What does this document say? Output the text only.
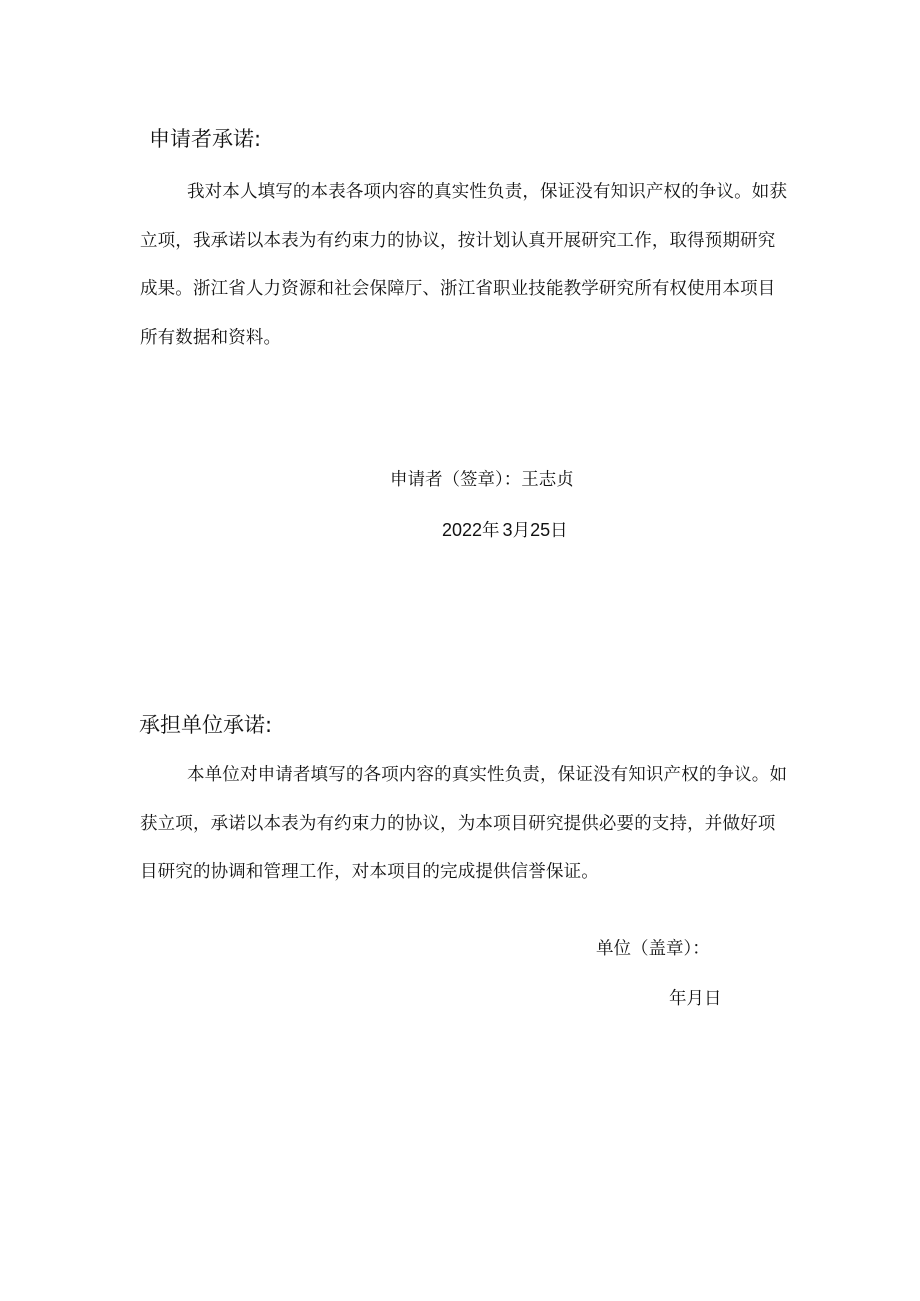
申请者承诺:
我对本人填写的本表各项内容的真实性负责，保证没有知识产权的争议。如获
立项，我承诺以本表为有约束力的协议，按计划认真开展研究工作，取得预期研究
成果。浙江省人力资源和社会保障厅、浙江省职业技能教学研究所有权使用本项目
所有数据和资料。
申请者（签章）：王志贞
2022年 3月25日
承担单位承诺:
本单位对申请者填写的各项内容的真实性负责，保证没有知识产权的争议。如
获立项，承诺以本表为有约束力的协议，为本项目研究提供必要的支持，并做好项
目研究的协调和管理工作，对本项目的完成提供信誉保证。
单位（盖章）：
年月日
